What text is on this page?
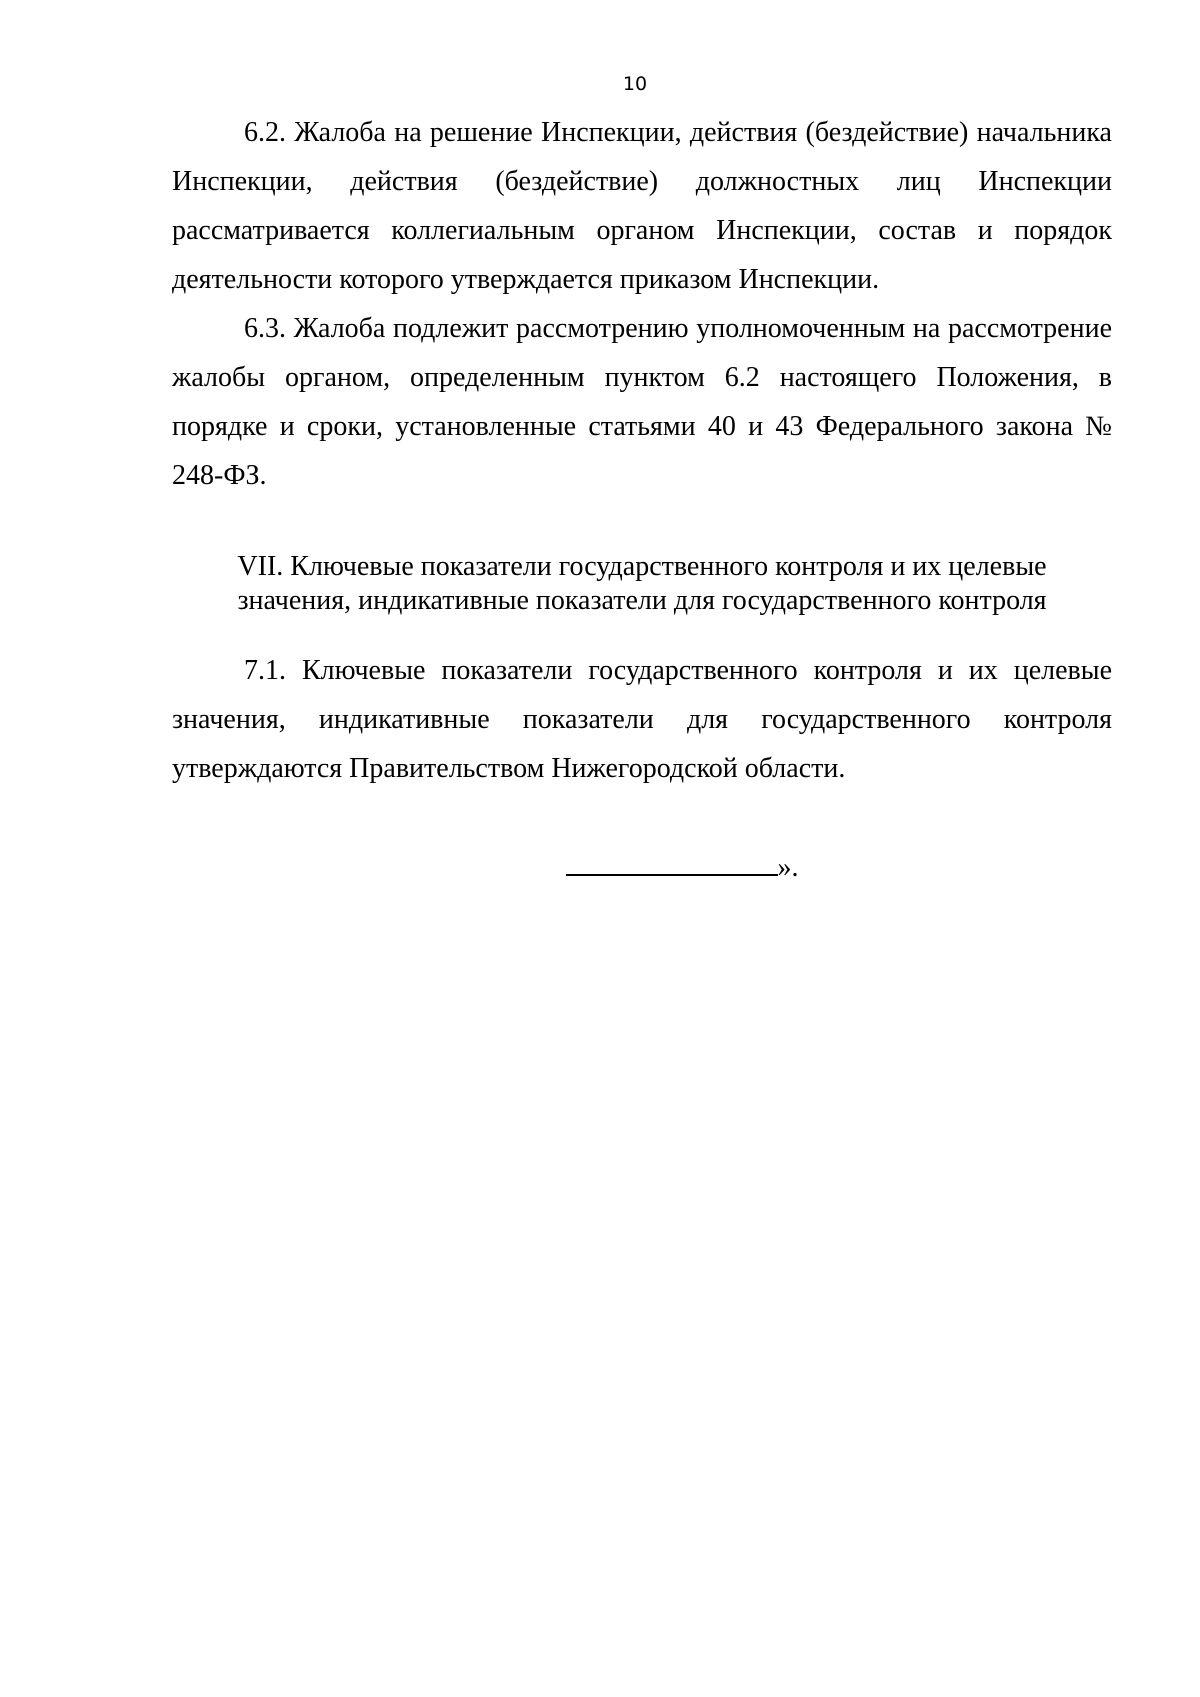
10

6.2. Жалоба на решение Инспекции, действия (бездействие) начальника Инспекции, действия (бездействие) должностных лиц Инспекции рассматривается коллегиальным органом Инспекции, состав и порядок деятельности которого утверждается приказом Инспекции.

6.3. Жалоба подлежит рассмотрению уполномоченным на рассмотрение жалобы органом, определенным пунктом 6.2 настоящего Положения, в порядке и сроки, установленные статьями 40 и 43 Федерального закона № 248-ФЗ.

VII. Ключевые показатели государственного контроля и их целевые
значения, индикативные показатели для государственного контроля

7.1. Ключевые показатели государственного контроля и их целевые значения, индикативные показатели для государственного контроля утверждаются Правительством Нижегородской области.

».
